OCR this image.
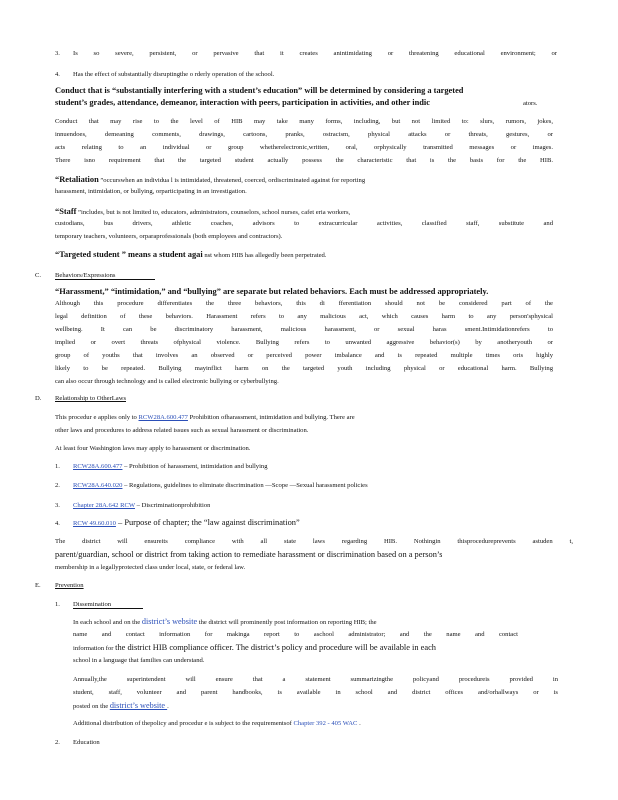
3. Is so severe, persistent, or pervasive that it creates anintimidating or threatening educational environment; or
4. Has the effect of substantially disruptingthe o rderly operation of the school.
Conduct that is “substantially interfering with a student’s education” will be determined by considering a targeted
student’s grades, attendance, demeanor, interaction with peers, participation in activities, and other indic	ators.
Conduct that may rise to the level of HIB may take many forms, including, but not limited to: slurs, rumors, jokes,
innuendoes, demeaning comments, drawings, cartoons, pranks, ostracism, physical attacks or threats, gestures, or
acts relating to an individual or group whetherelectronic,written, oral, orphysically transmitted messages or images.
There isno requirement that the targeted student actually possess the characteristic that is the basis for the HIB.
“Retaliation ”occurswhen an individua l is intimidated, threatened, coerced, ordiscriminated against for reporting
harassment, intimidation, or bullying, orparticipating in an investigation.
“Staff ”includes, but is not limited to, educators, administrators, counselors, school nurses, cafet eria workers,
custodians, bus drivers, athletic coaches, advisors to extracurricular activities, classified staff, substitute and
temporary teachers, volunteers, orparaprofessionals (both employees and contractors).
“Targeted student ” means a student agai nst whom HIB has allegedly been perpetrated.
C. Behaviors/Expressions
“Harassment,” “intimidation,” and “bullying” are separate but related behaviors. Each must be addressed appropriately.
Although this procedure differentiates the three behaviors, this di fferentiation should not be considered part of the
legal definition of these behaviors. Harassment refers to any malicious act, which causes harm to any person'sphysical
wellbeing. It can be discriminatory harassment, malicious harassment, or sexual haras sment.Intimidationrefers to
implied or overt threats ofphysical violence. Bullying refers to unwanted aggressive behavior(s) by anotheryouth or
group of youths that involves an observed or perceived power imbalance and is repeated multiple times oris highly
likely to be repeated. Bullying mayinflict harm on the targeted youth including physical or educational harm. Bullying
can also occur through technology and is called electronic bullying or cyberbullying.
D. Relationship to OtherLaws
This procedur e applies only to RCW28A.600.477 Prohibition ofharassment, intimidation and bullying. There are
other laws and procedures to address related issues such as sexual harassment or discrimination.
At least four Washington laws may apply to harassment or discrimination.
1. RCW28A.600.477 – Prohibition of harassment, intimidation and bullying
2. RCW28A.640.020 – Regulations, guidelines to eliminate discrimination —Scope —Sexual harassment policies
3. Chapter 28A.642 RCW – Discriminationprohibition
4. RCW 49.60.010 – Purpose of chapter; the “law against discrimination”
The district will ensureits compliance with all state laws regarding HIB. Nothingin thisprocedureprevents astuden t,
parent/guardian, school or district from taking action to remediate harassment or discrimination based on a person’s
membership in a legallyprotected class under local, state, or federal law.
E. Prevention
1. Dissemination
In each school and on the district’s website the district will prominently post information on reporting HIB; the
name and contact information for makinga report to aschool administrator; and the name and contact
information for the district HIB compliance officer. The district’s policy and procedure will be available in each
school in a language that families can understand.
Annually,the superintendent will ensure that a statement summarizingthe policyand procedureis provided in
student, staff, volunteer and parent handbooks, is available in school and district offices and/orhallways or is
posted on the district’s website .
Additional distribution of thepolicy and procedur e is subject to the requirementsof Chapter 392 - 405 WAC .
2. Education
